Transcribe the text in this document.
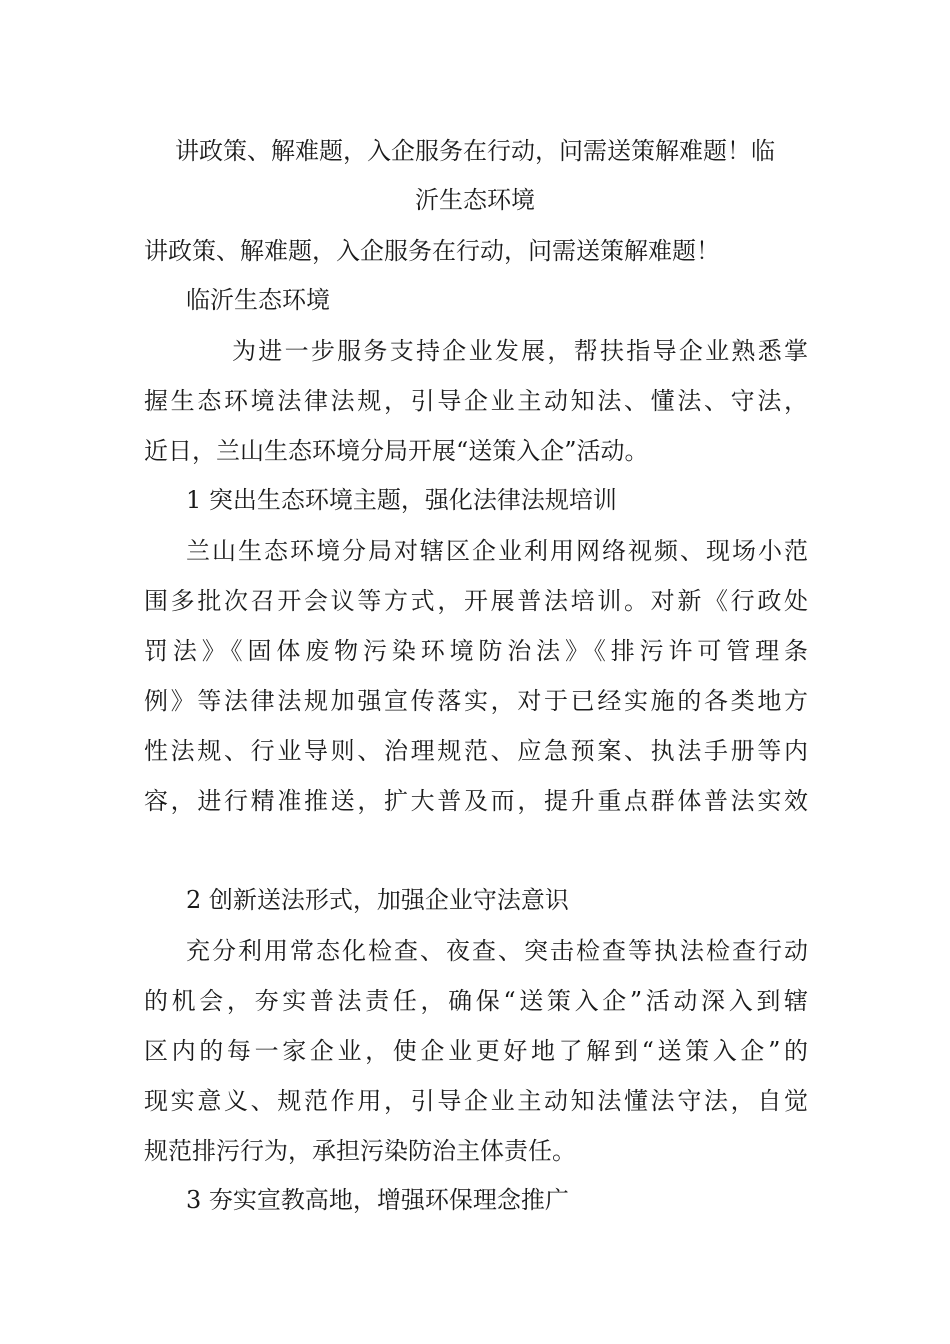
讲政策、解难题，入企服务在行动，问需送策解难题！临
沂生态环境
讲政策、解难题，入企服务在行动，问需送策解难题！
临沂生态环境
为进一步服务支持企业发展，帮扶指导企业熟悉掌
握生态环境法律法规，引导企业主动知法、懂法、守法，
近日，兰山生态环境分局开展“送策入企”活动。
1 突出生态环境主题，强化法律法规培训
兰山生态环境分局对辖区企业利用网络视频、现场小范
围多批次召开会议等方式，开展普法培训。对新《行政处
罚法》《固体废物污染环境防治法》《排污许可管理条
例》等法律法规加强宣传落实，对于已经实施的各类地方
性法规、行业导则、治理规范、应急预案、执法手册等内
容，进行精准推送，扩大普及而，提升重点群体普法实效
2 创新送法形式，加强企业守法意识
充分利用常态化检查、夜查、突击检查等执法检查行动
的机会，夯实普法责任，确保“送策入企”活动深入到辖
区内的每一家企业，使企业更好地了解到“送策入企”的
现实意义、规范作用，引导企业主动知法懂法守法，自觉
规范排污行为，承担污染防治主体责任。
3 夯实宣教高地，增强环保理念推广
